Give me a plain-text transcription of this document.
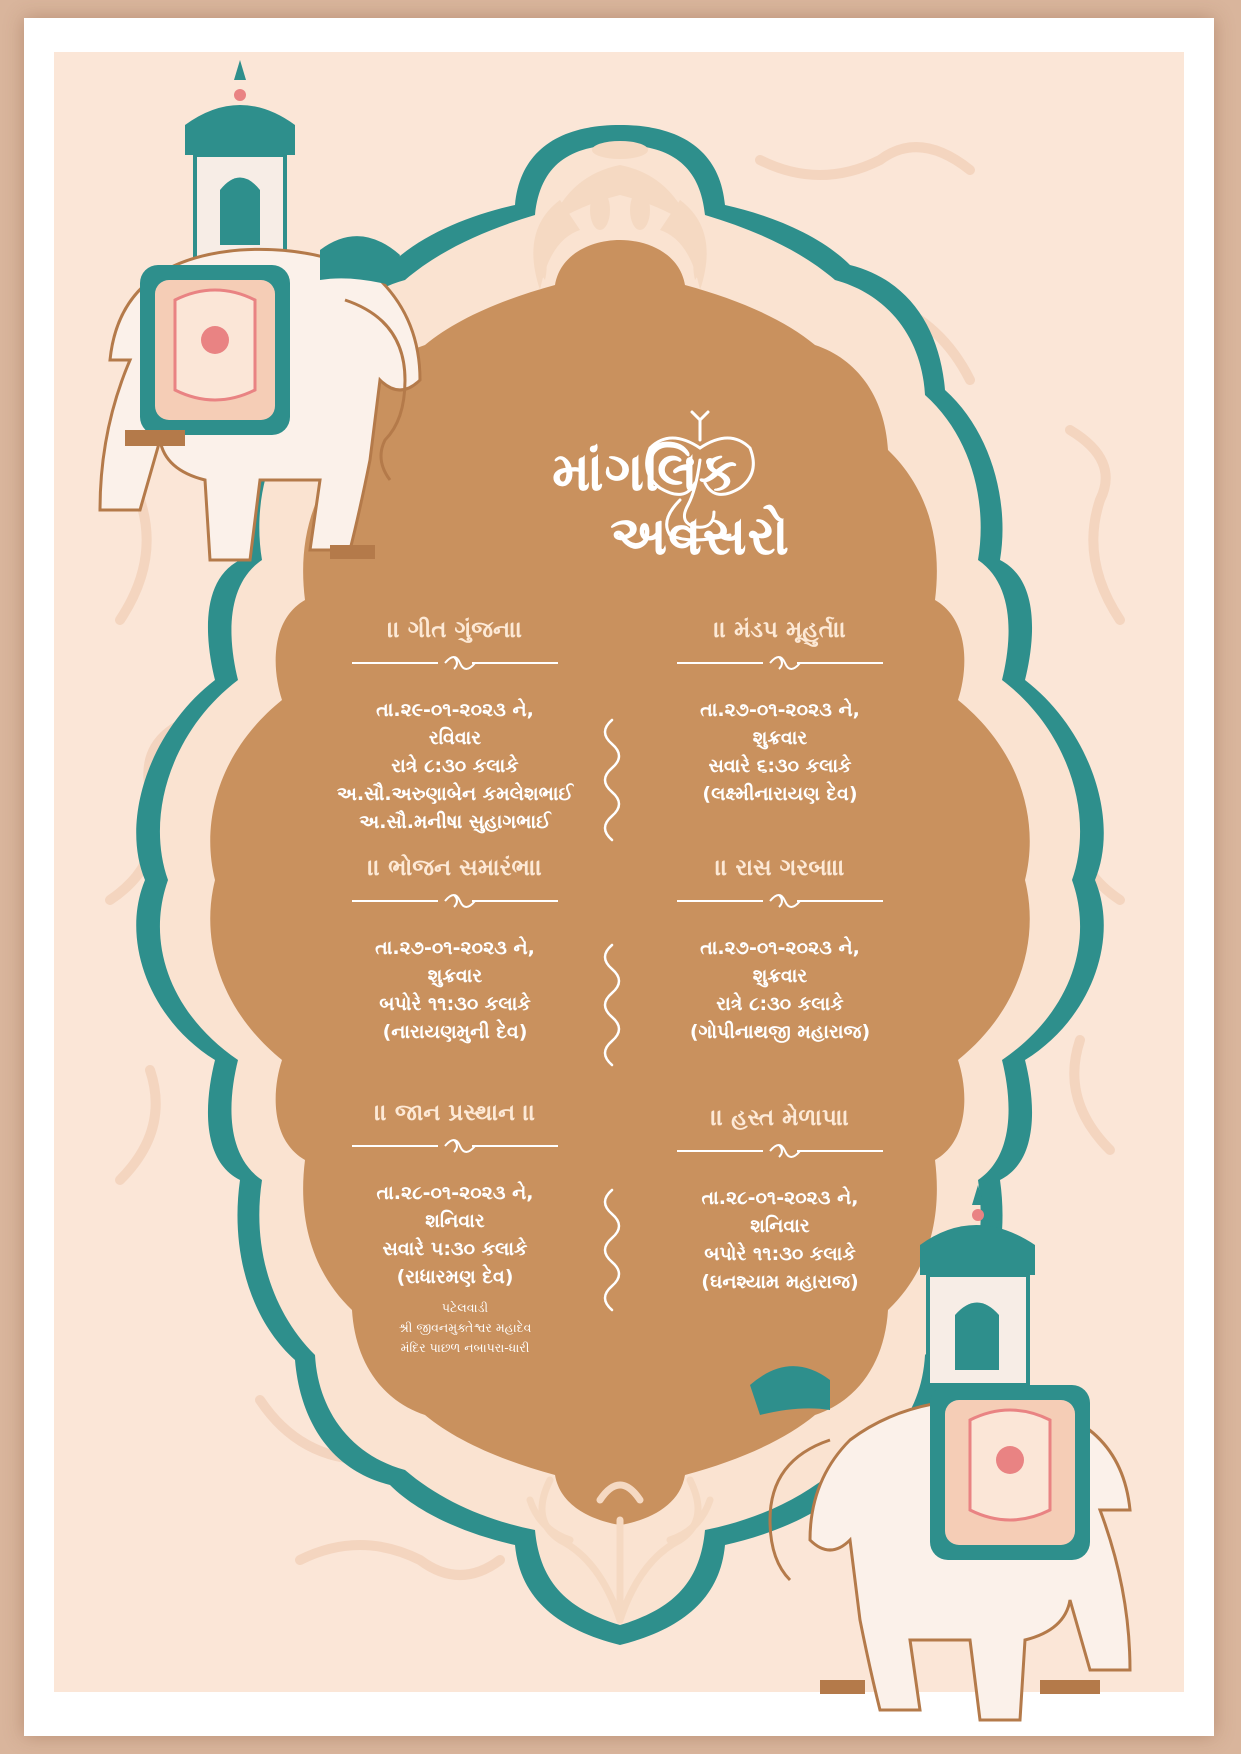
માંગલિક  અવસરો
।। ગીત ગુંજન।।
તા.૨૯-૦૧-૨૦૨૩ ને,
રવિવાર
રાત્રે ૮:૩૦ કલાકે
અ.સૌ.અરુણાબેન કમલેશભાઈ
અ.સૌ.મનીષા સુહાગભાઈ
।। મંડપ મૂહુર્ત।।
તા.૨૭-૦૧-૨૦૨૩ ને,
શુક્રવાર
સવારે ૬:૩૦ કલાકે
(લક્ષ્મીનારાયણ દેવ)
।। ભોજન સમારંભ।।
તા.૨૭-૦૧-૨૦૨૩ ને,
શુક્રવાર
બપોરે ૧૧:૩૦ કલાકે
(નારાયણમુની દેવ)
।। રાસ ગરબા।।
તા.૨૭-૦૧-૨૦૨૩ ને,
શુક્રવાર
રાત્રે ૮:૩૦ કલાકે
(ગોપીનાથજી મહારાજ)
।। જાન પ્રસ્થાન ।।
તા.૨૮-૦૧-૨૦૨૩ ને,
શનિવાર
સવારે ૫:૩૦ કલાકે
(રાધારમણ દેવ)
।। હસ્ત મેળાપ।।
તા.૨૮-૦૧-૨૦૨૩ ને,
શનિવાર
બપોરે ૧૧:૩૦ કલાકે
(ઘનશ્યામ મહારાજ)
પટેલવાડી
શ્રી જીવનમુક્તેશ્વર મહાદેવ
મંદિર પાછળ નબાપરા-ધારી
